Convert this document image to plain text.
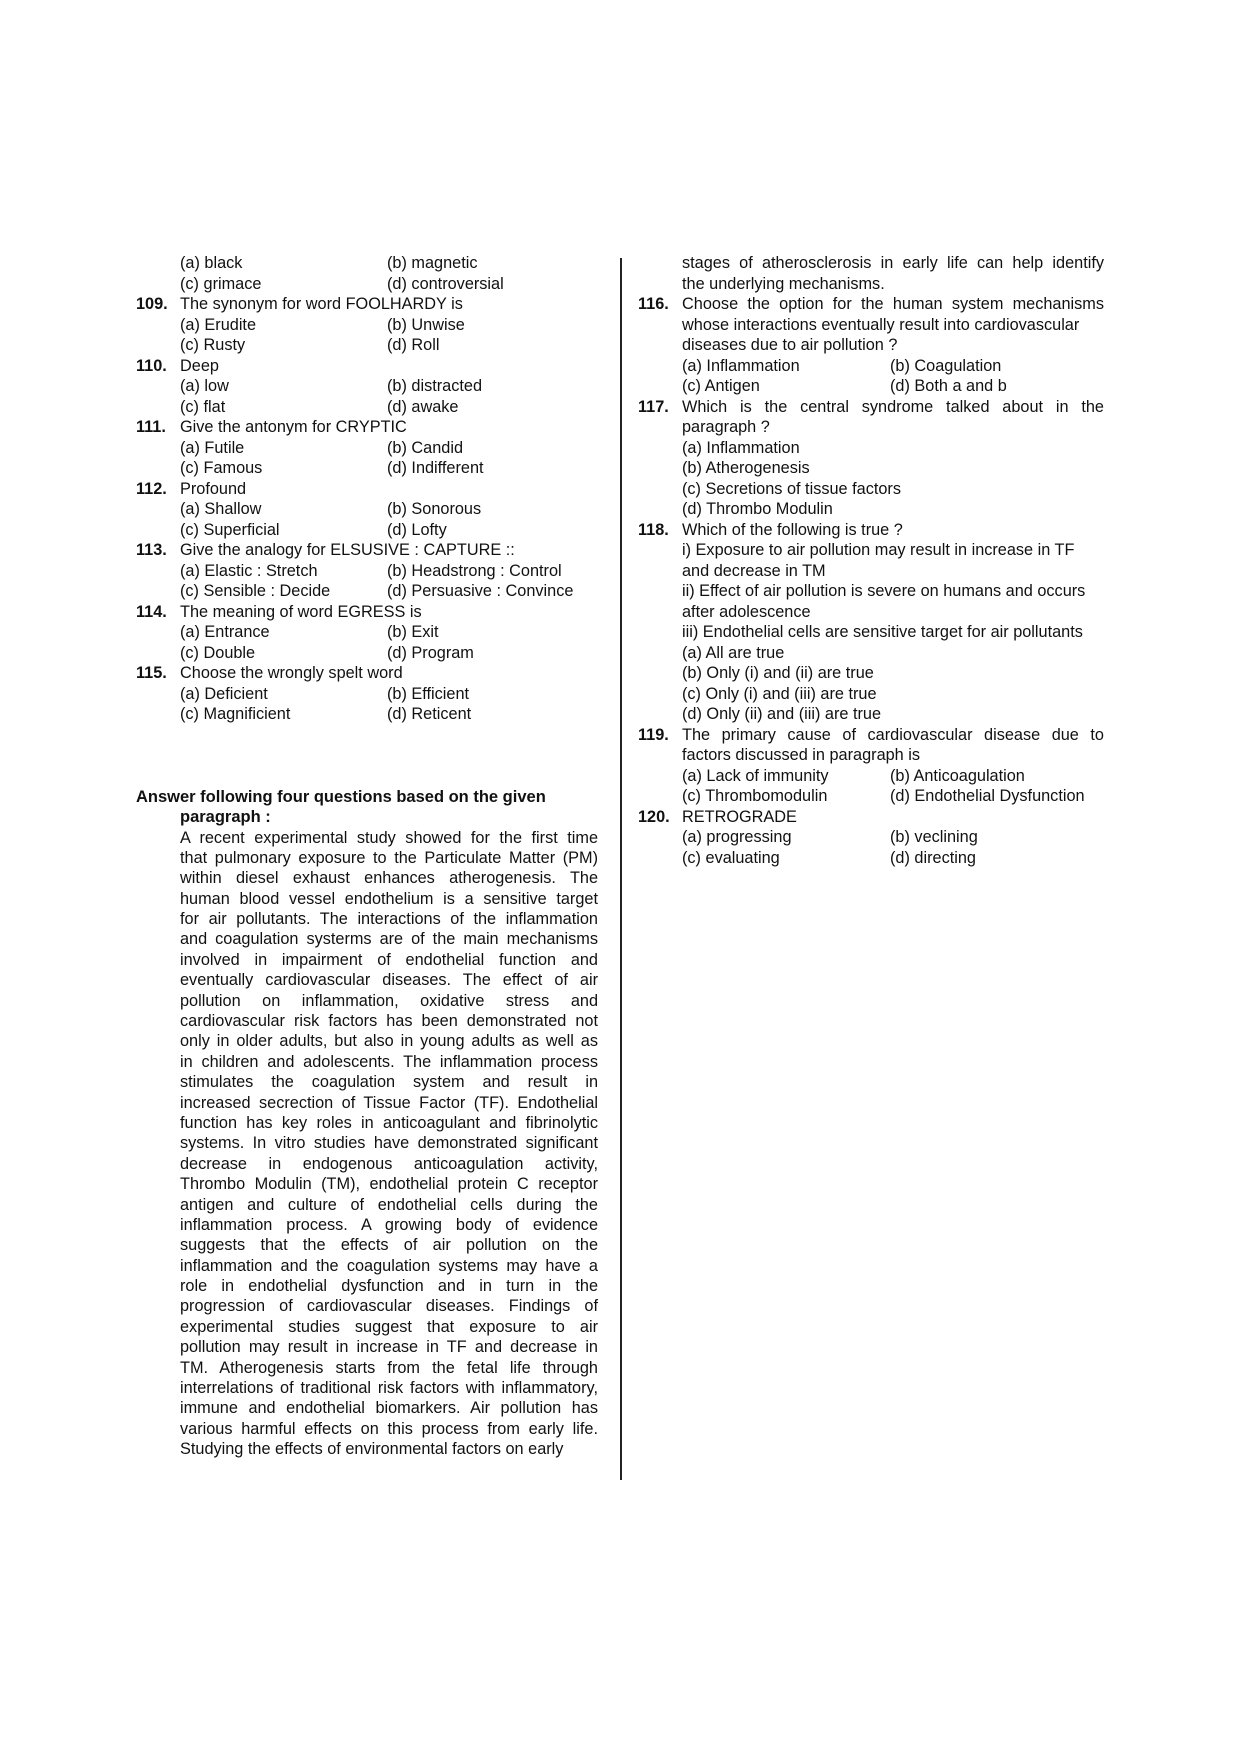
(a) black	(b) magnetic
(c) grimace	(d) controversial
109. The synonym for word FOOLHARDY is
(a) Erudite	(b) Unwise
(c) Rusty	(d) Roll
110. Deep
(a) low	(b) distracted
(c) flat	(d) awake
111. Give the antonym for CRYPTIC
(a) Futile	(b) Candid
(c) Famous	(d) Indifferent
112. Profound
(a) Shallow	(b) Sonorous
(c) Superficial	(d) Lofty
113. Give the analogy for ELSUSIVE : CAPTURE ::
(a) Elastic : Stretch	(b) Headstrong : Control
(c) Sensible : Decide	(d) Persuasive : Convince
114. The meaning of word EGRESS is
(a) Entrance	(b) Exit
(c) Double	(d) Program
115. Choose the wrongly spelt word
(a) Deficient	(b) Efficient
(c) Magnificient	(d) Reticent
Answer following four questions based on the given
paragraph :
A recent experimental study showed for the first time
that pulmonary exposure to the Particulate Matter (PM)
within diesel exhaust enhances atherogenesis. The
human blood vessel endothelium is a sensitive target
for air pollutants. The interactions of the inflammation
and coagulation systerms are of the main mechanisms
involved in impairment of endothelial function and
eventually cardiovascular diseases. The effect of air
pollution on inflammation, oxidative stress and
cardiovascular risk factors has been demonstrated not
only in older adults, but also in young adults as well as
in children and adolescents. The inflammation process
stimulates the coagulation system and result in
increased secrection of Tissue Factor (TF). Endothelial
function has key roles in anticoagulant and fibrinolytic
systems. In vitro studies have demonstrated significant
decrease in endogenous anticoagulation activity,
Thrombo Modulin (TM), endothelial protein C receptor
antigen and culture of endothelial cells during the
inflammation process. A growing body of evidence
suggests that the effects of air pollution on the
inflammation and the coagulation systems may have a
role in endothelial dysfunction and in turn in the
progression of cardiovascular diseases. Findings of
experimental studies suggest that exposure to air
pollution may result in increase in TF and decrease in
TM. Atherogenesis starts from the fetal life through
interrelations of traditional risk factors with inflammatory,
immune and endothelial biomarkers. Air pollution has
various harmful effects on this process from early life.
Studying the effects of environmental factors on early
stages of atherosclerosis in early life can help identify
the underlying mechanisms.
116. Choose the option for the human system mechanisms
whose interactions eventually result into cardiovascular
diseases due to air pollution ?
(a) Inflammation	(b) Coagulation
(c) Antigen	(d) Both a and b
117. Which is the central syndrome talked about in the
paragraph ?
(a) Inflammation
(b) Atherogenesis
(c) Secretions of tissue factors
(d) Thrombo Modulin
118. Which of the following is true ?
i) Exposure to air pollution may result in increase in TF
and decrease in TM
ii) Effect of air pollution is severe on humans and occurs
after adolescence
iii) Endothelial cells are sensitive target for air pollutants
(a) All are true
(b) Only (i) and (ii) are true
(c) Only (i) and (iii) are true
(d) Only (ii) and (iii) are true
119. The primary cause of cardiovascular disease due to
factors discussed in paragraph is
(a) Lack of immunity	(b) Anticoagulation
(c) Thrombomodulin	(d) Endothelial Dysfunction
120. RETROGRADE
(a) progressing	(b) veclining
(c) evaluating	(d) directing
